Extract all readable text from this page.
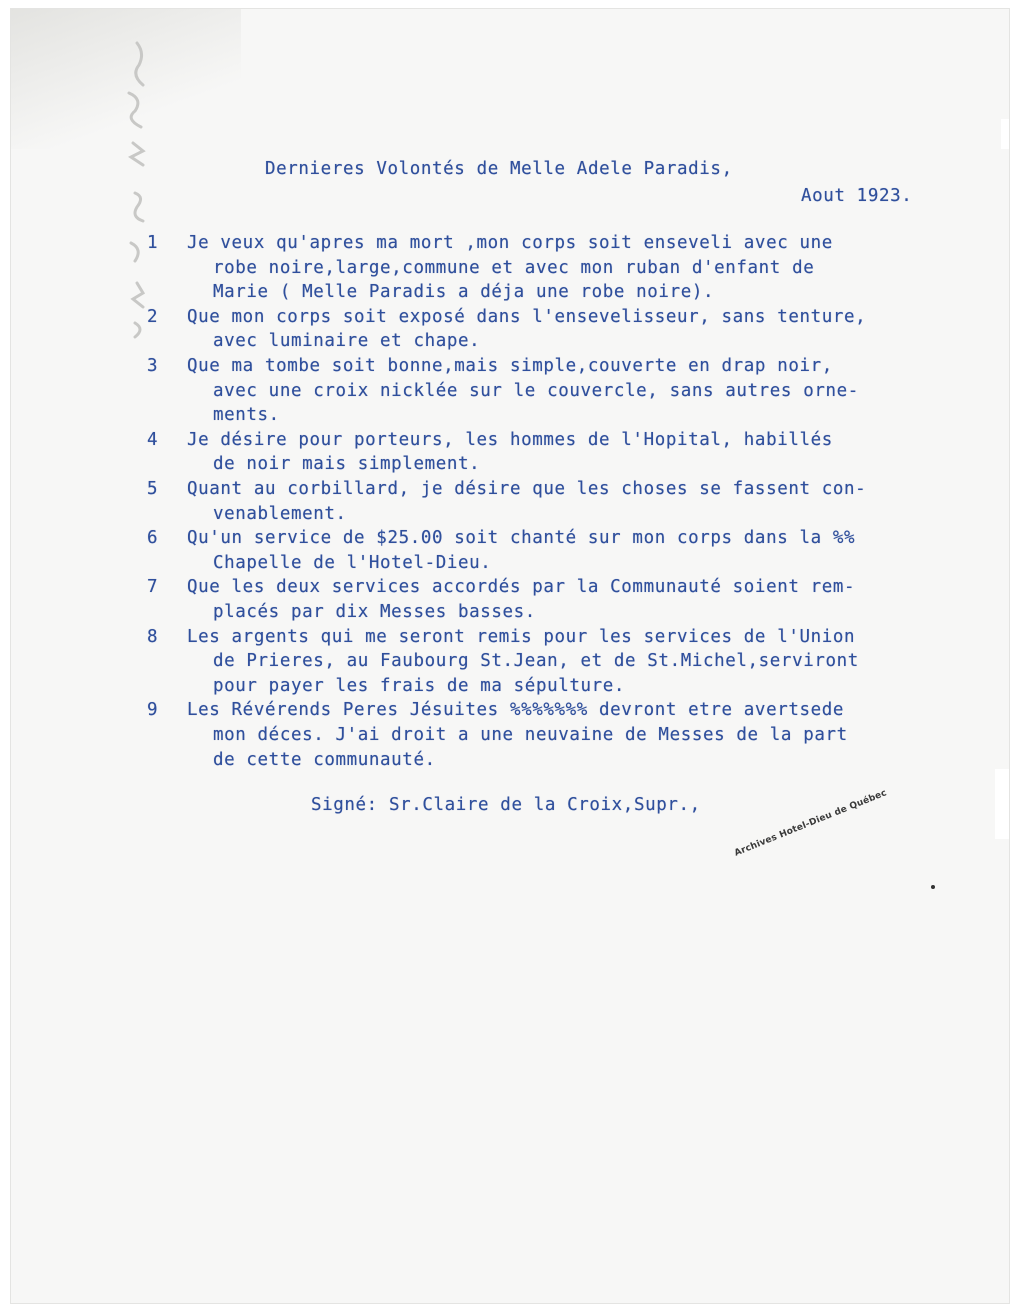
Dernieres Volontés de Melle Adele Paradis,

Aout 1923.

1 Je veux qu'apres ma mort ,mon corps soit enseveli avec une

robe noire,large,commune et avec mon ruban d'enfant de

Marie ( Melle Paradis a déja une robe noire).

2 Que mon corps soit exposé dans l'ensevelisseur, sans tenture,

avec luminaire et chape.

3 Que ma tombe soit bonne,mais simple,couverte en drap noir,

avec une croix nicklée sur le couvercle, sans autres orne-

ments.

4 Je désire pour porteurs, les hommes de l'Hopital, habillés

de noir mais simplement.

5 Quant au corbillard, je désire que les choses se fassent con-

venablement.

6 Qu'un service de $25.00 soit chanté sur mon corps dans la %%

Chapelle de l'Hotel-Dieu.

7 Que les deux services accordés par la Communauté soient rem-

placés par dix Messes basses.

8 Les argents qui me seront remis pour les services de l'Union

de Prieres, au Faubourg St.Jean, et de St.Michel,serviront

pour payer les frais de ma sépulture.

9 Les Révérends Peres Jésuites %%%%%%% devront etre avertsede

mon déces. J'ai droit a une neuvaine de Messes de la part

de cette communauté.

Signé: Sr.Claire de la Croix,Supr.,	Archives Hotel-Dieu de Québec
